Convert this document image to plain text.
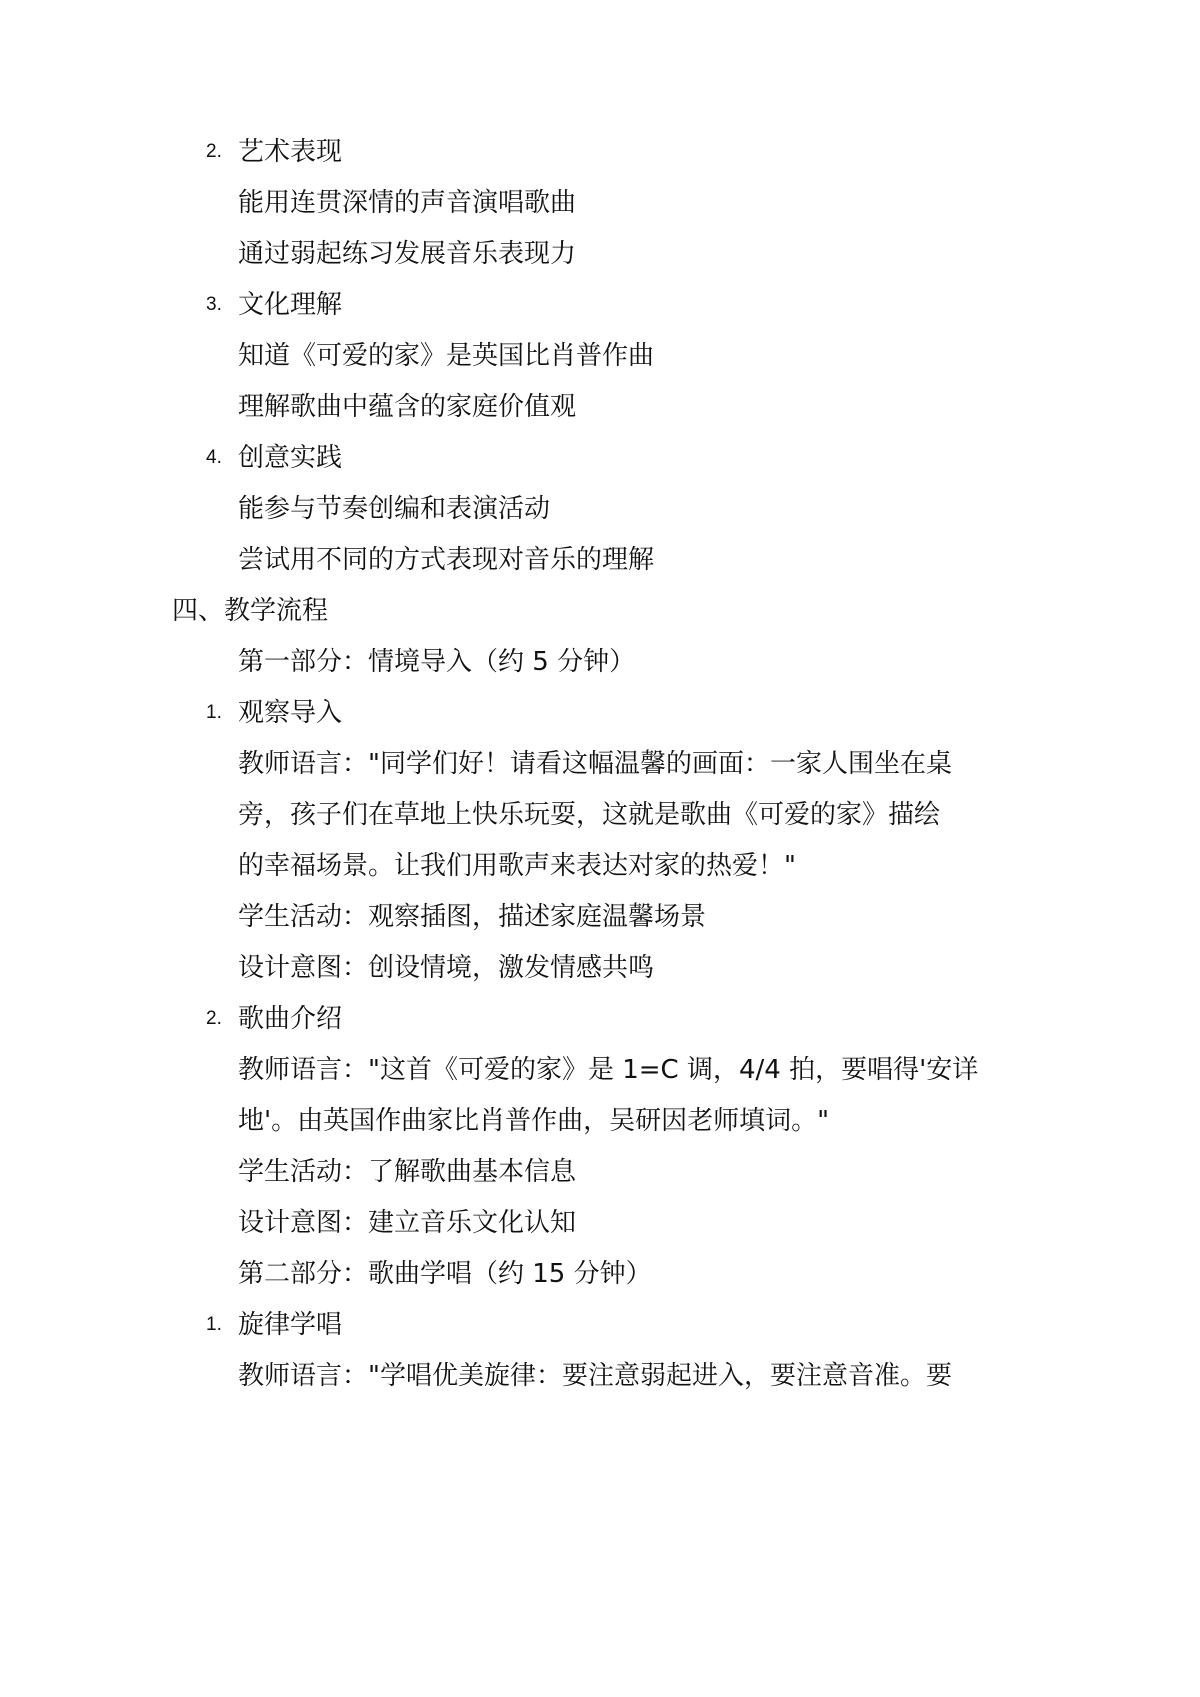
2. 艺术表现
能用连贯深情的声音演唱歌曲
通过弱起练习发展音乐表现力
3. 文化理解
知道《可爱的家》是英国比肖普作曲
理解歌曲中蕴含的家庭价值观
4. 创意实践
能参与节奏创编和表演活动
尝试用不同的方式表现对音乐的理解
四、教学流程
第一部分：情境导入（约 5 分钟）
1. 观察导入
教师语言："同学们好！请看这幅温馨的画面：一家人围坐在桌
旁，孩子们在草地上快乐玩耍，这就是歌曲《可爱的家》描绘
的幸福场景。让我们用歌声来表达对家的热爱！"
学生活动：观察插图，描述家庭温馨场景
设计意图：创设情境，激发情感共鸣
2. 歌曲介绍
教师语言："这首《可爱的家》是 1=C 调，4/4 拍，要唱得'安详
地'。由英国作曲家比肖普作曲，吴研因老师填词。"
学生活动：了解歌曲基本信息
设计意图：建立音乐文化认知
第二部分：歌曲学唱（约 15 分钟）
1. 旋律学唱
教师语言："学唱优美旋律：要注意弱起进入，要注意音准。要
